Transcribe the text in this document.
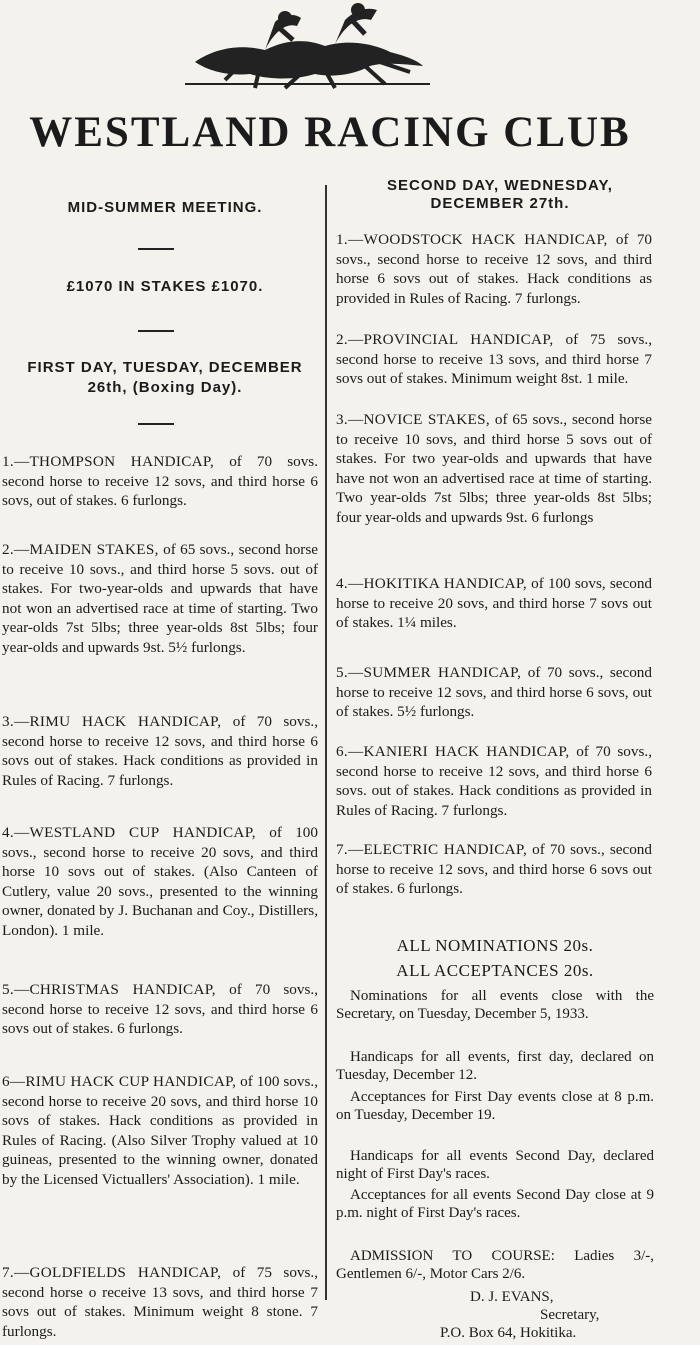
WESTLAND RACING CLUB
MID-SUMMER MEETING.
£1070 IN STAKES £1070.
FIRST DAY, TUESDAY, DECEMBER
26th, (Boxing Day).
1.—THOMPSON HANDICAP, of 70 sovs. second horse to receive 12 sovs, and third horse 6 sovs, out of stakes. 6 furlongs.
2.—MAIDEN STAKES, of 65 sovs., second horse to receive 10 sovs., and third horse 5 sovs. out of stakes. For two-year-olds and upwards that have not won an advertised race at time of starting. Two year-olds 7st 5lbs; three year-olds 8st 5lbs; four year-olds and upwards 9st. 5½ furlongs.
3.—RIMU HACK HANDICAP, of 70 sovs., second horse to receive 12 sovs, and third horse 6 sovs out of stakes. Hack conditions as provided in Rules of Racing. 7 furlongs.
4.—WESTLAND CUP HANDICAP, of 100 sovs., second horse to receive 20 sovs, and third horse 10 sovs out of stakes. (Also Canteen of Cutlery, value 20 sovs., presented to the winning owner, donated by J. Buchanan and Coy., Distillers, London). 1 mile.
5.—CHRISTMAS HANDICAP, of 70 sovs., second horse to receive 12 sovs, and third horse 6 sovs out of stakes. 6 furlongs.
6—RIMU HACK CUP HANDICAP, of 100 sovs., second horse to receive 20 sovs, and third horse 10 sovs of stakes. Hack conditions as provided in Rules of Racing. (Also Silver Trophy valued at 10 guineas, presented to the winning owner, donated by the Licensed Victuallers' Association). 1 mile.
7.—GOLDFIELDS HANDICAP, of 75 sovs., second horse o receive 13 sovs, and third horse 7 sovs out of stakes. Minimum weight 8 stone. 7 furlongs.
SECOND DAY, WEDNESDAY,
DECEMBER 27th.
1.—WOODSTOCK HACK HANDICAP, of 70 sovs., second horse to receive 12 sovs, and third horse 6 sovs out of stakes. Hack conditions as provided in Rules of Racing. 7 furlongs.
2.—PROVINCIAL HANDICAP, of 75 sovs., second horse to receive 13 sovs, and third horse 7 sovs out of stakes. Minimum weight 8st. 1 mile.
3.—NOVICE STAKES, of 65 sovs., second horse to receive 10 sovs, and third horse 5 sovs out of stakes. For two year-olds and upwards that have have not won an advertised race at time of starting. Two year-olds 7st 5lbs; three year-olds 8st 5lbs; four year-olds and upwards 9st. 6 furlongs
4.—HOKITIKA HANDICAP, of 100 sovs, second horse to receive 20 sovs, and third horse 7 sovs out of stakes. 1¼ miles.
5.—SUMMER HANDICAP, of 70 sovs., second horse to receive 12 sovs, and third horse 6 sovs, out of stakes. 5½ furlongs.
6.—KANIERI HACK HANDICAP, of 70 sovs., second horse to receive 12 sovs, and third horse 6 sovs. out of stakes. Hack conditions as provided in Rules of Racing. 7 furlongs.
7.—ELECTRIC HANDICAP, of 70 sovs., second horse to receive 12 sovs, and third horse 6 sovs out of stakes. 6 furlongs.
ALL NOMINATIONS 20s.
ALL ACCEPTANCES 20s.
Nominations for all events close with the Secretary, on Tuesday, December 5, 1933.
Handicaps for all events, first day, declared on Tuesday, December 12.
Acceptances for First Day events close at 8 p.m. on Tuesday, December 19.
Handicaps for all events Second Day, declared night of First Day's races.
Acceptances for all events Second Day close at 9 p.m. night of First Day's races.
ADMISSION TO COURSE: Ladies 3/-, Gentlemen 6/-, Motor Cars 2/6.
D. J. EVANS,
Secretary,
P.O. Box 64, Hokitika.
